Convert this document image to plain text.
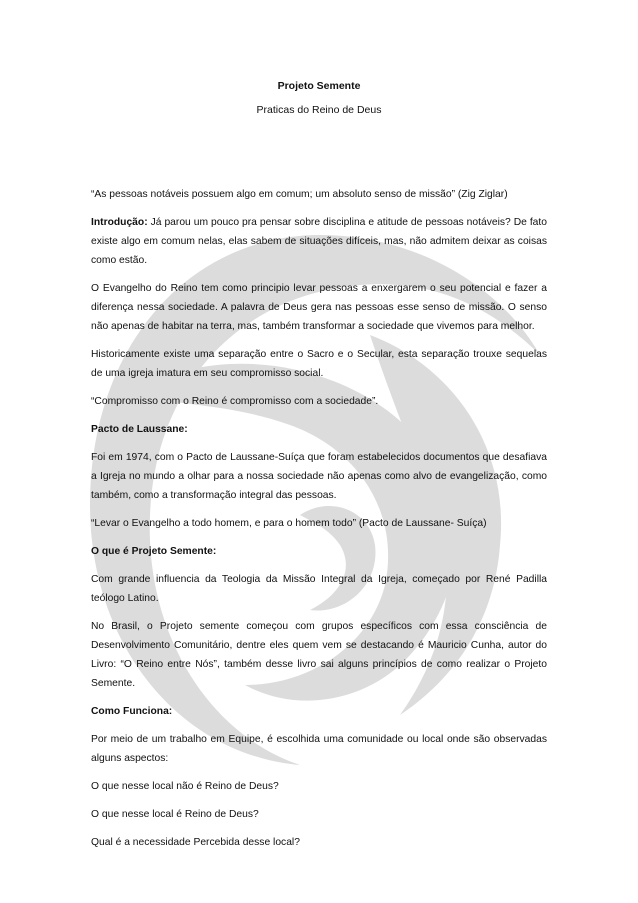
Projeto Semente
Praticas do Reino de Deus

“As pessoas notáveis possuem algo em comum; um absoluto senso de missão” (Zig Ziglar)

Introdução: Já parou um pouco pra pensar sobre disciplina e atitude de pessoas notáveis? De fato existe algo em comum nelas, elas sabem de situações difíceis, mas, não admitem deixar as coisas como estão.

O Evangelho do Reino tem como principio levar pessoas a enxergarem o seu potencial e fazer a diferença nessa sociedade. A palavra de Deus gera nas pessoas esse senso de missão. O senso não apenas de habitar na terra, mas, também transformar a sociedade que vivemos para melhor.

Historicamente existe uma separação entre o Sacro e o Secular, esta separação trouxe sequelas de uma igreja imatura em seu compromisso social.

“Compromisso com o Reino é compromisso com a sociedade”.

Pacto de Laussane:

Foi em 1974, com o Pacto de Laussane-Suíça que foram estabelecidos documentos que desafiava a Igreja no mundo a olhar para a nossa sociedade não apenas como alvo de evangelização, como também, como a transformação integral das pessoas.

“Levar o Evangelho a todo homem, e para o homem todo” (Pacto de Laussane- Suíça)

O que é Projeto Semente:

Com grande influencia da Teologia da Missão Integral da Igreja, começado por René Padilla teólogo Latino.

No Brasil, o Projeto semente começou com grupos específicos com essa consciência de Desenvolvimento Comunitário, dentre eles quem vem se destacando é Mauricio Cunha, autor do Livro: “O Reino entre Nós”, também desse livro sai alguns princípios de como realizar o Projeto Semente.

Como Funciona:

Por meio de um trabalho em Equipe, é escolhida uma comunidade ou local onde são observadas alguns aspectos:

O que nesse local não é Reino de Deus?

O que nesse local é Reino de Deus?

Qual é a necessidade Percebida desse local?
